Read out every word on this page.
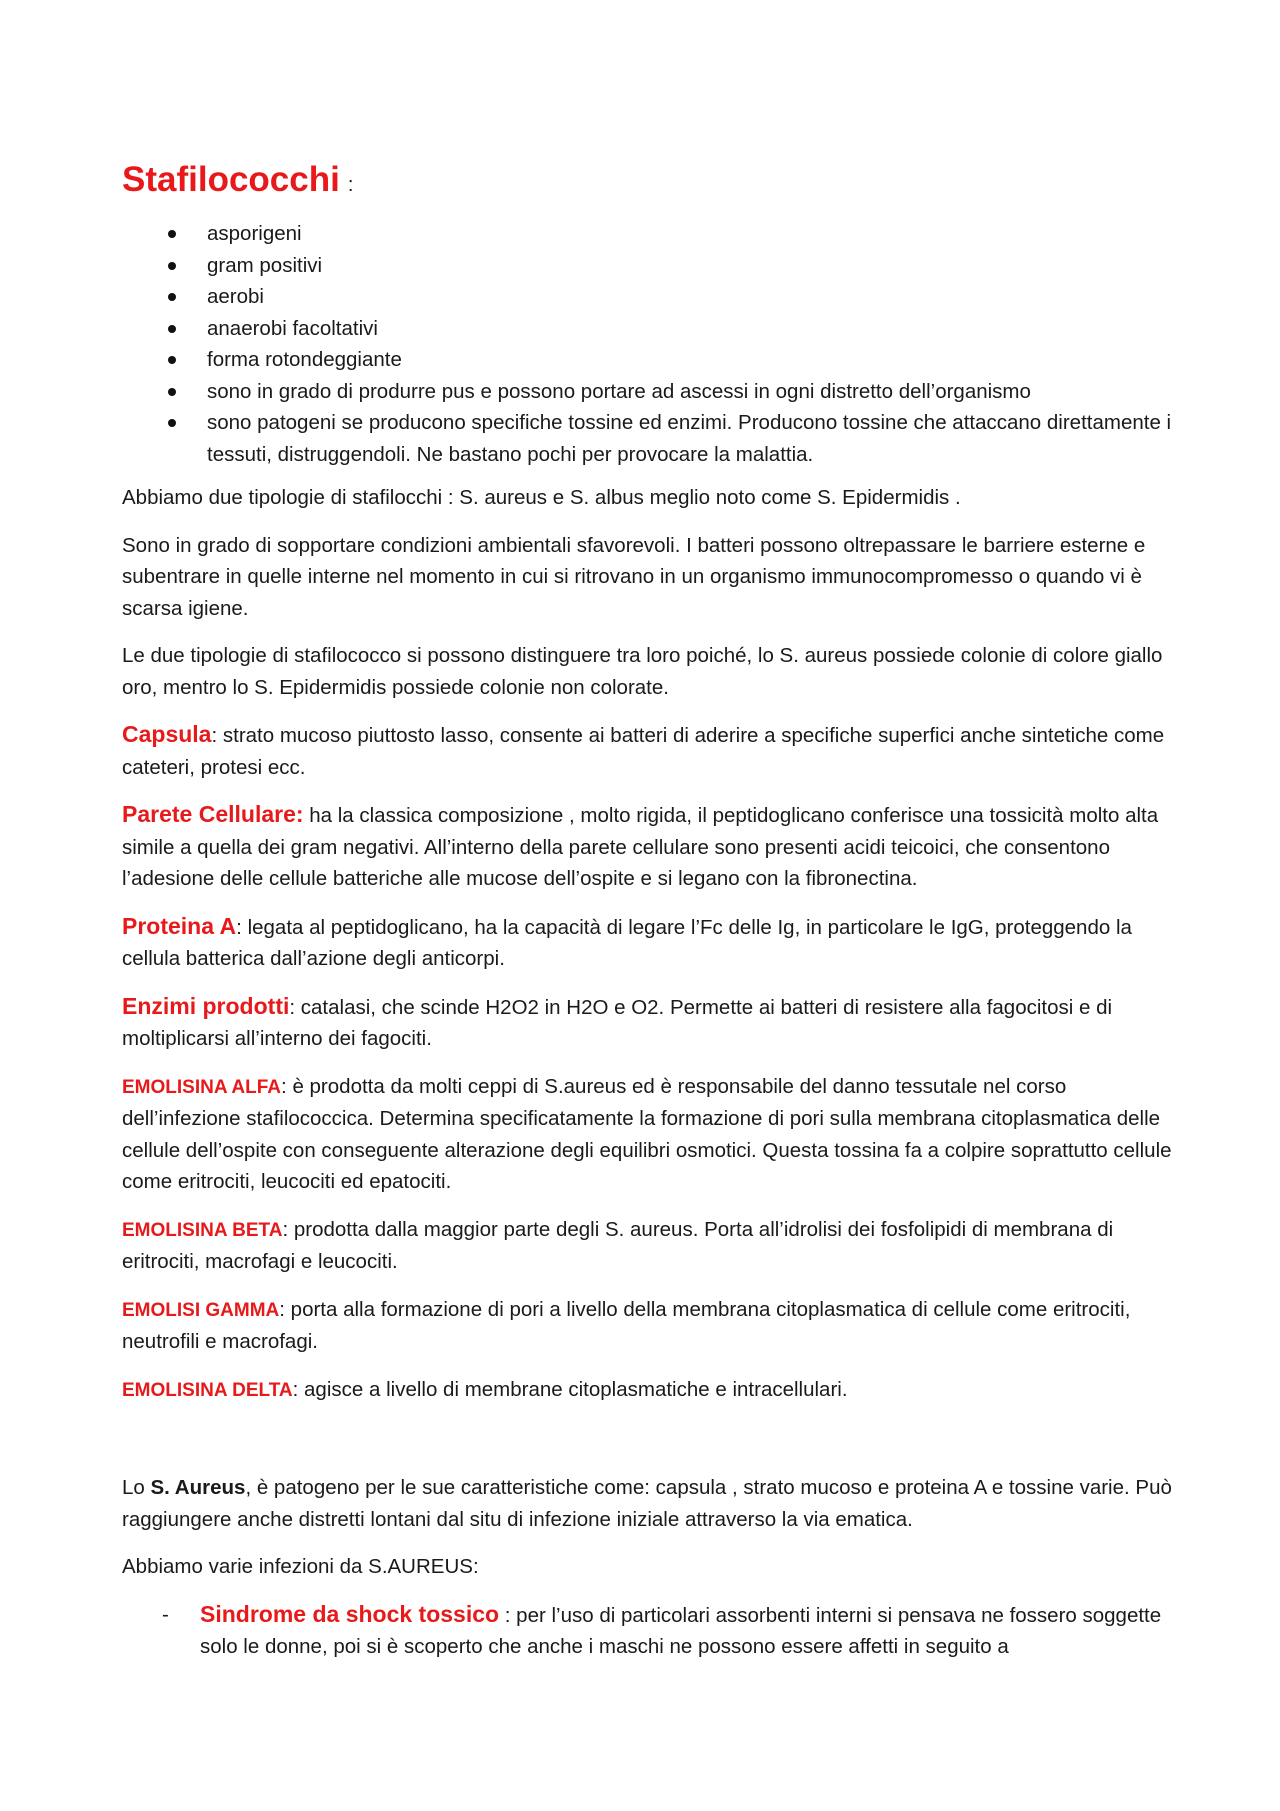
Stafilococchi :
asporigeni
gram positivi
aerobi
anaerobi facoltativi
forma rotondeggiante
sono in grado di produrre pus e possono portare ad ascessi in ogni distretto dell’organismo
sono patogeni se producono specifiche tossine ed enzimi. Producono tossine che attaccano direttamente i tessuti, distruggendoli. Ne bastano pochi per provocare la malattia.

Abbiamo due tipologie di stafilocchi : S. aureus e S. albus meglio noto come S. Epidermidis .

Sono in grado di sopportare condizioni ambientali sfavorevoli. I batteri possono oltrepassare le barriere esterne e subentrare in quelle interne nel momento in cui si ritrovano in un organismo immunocompromesso o quando vi è scarsa igiene.

Le due tipologie di stafilococco si possono distinguere tra loro poiché, lo S. aureus possiede colonie di colore giallo oro, mentro lo S. Epidermidis possiede colonie non colorate.

Capsula: strato mucoso piuttosto lasso, consente ai batteri di aderire a specifiche superfici anche sintetiche come cateteri, protesi ecc.

Parete Cellulare: ha la classica composizione , molto rigida, il peptidoglicano conferisce una tossicità molto alta simile a quella dei gram negativi. All’interno della parete cellulare sono presenti acidi teicoici, che consentono l’adesione delle cellule batteriche alle mucose dell’ospite e si legano con la fibronectina.

Proteina A: legata al peptidoglicano, ha la capacità di legare l’Fc delle Ig, in particolare le IgG, proteggendo la cellula batterica dall’azione degli anticorpi.

Enzimi prodotti: catalasi, che scinde H2O2 in H2O e O2. Permette ai batteri di resistere alla fagocitosi e di moltiplicarsi all’interno dei fagociti.

EMOLISINA ALFA: è prodotta da molti ceppi di S.aureus ed è responsabile del danno tessutale nel corso dell’infezione stafilococcica. Determina specificatamente la formazione di pori sulla membrana citoplasmatica delle cellule dell’ospite con conseguente alterazione degli equilibri osmotici. Questa tossina fa a colpire soprattutto cellule come eritrociti, leucociti ed epatociti.

EMOLISINA BETA: prodotta dalla maggior parte degli S. aureus. Porta all’idrolisi dei fosfolipidi di membrana di eritrociti, macrofagi e leucociti.

EMOLISI GAMMA: porta alla formazione di pori a livello della membrana citoplasmatica di cellule come eritrociti, neutrofili e macrofagi.

EMOLISINA DELTA: agisce a livello di membrane citoplasmatiche e intracellulari.

Lo S. Aureus, è patogeno per le sue caratteristiche come: capsula , strato mucoso e proteina A e tossine varie. Può raggiungere anche distretti lontani dal situ di infezione iniziale attraverso la via ematica.

Abbiamo varie infezioni da S.AUREUS:

- Sindrome da shock tossico : per l’uso di particolari assorbenti interni si pensava ne fossero soggette solo le donne, poi si è scoperto che anche i maschi ne possono essere affetti in seguito a
